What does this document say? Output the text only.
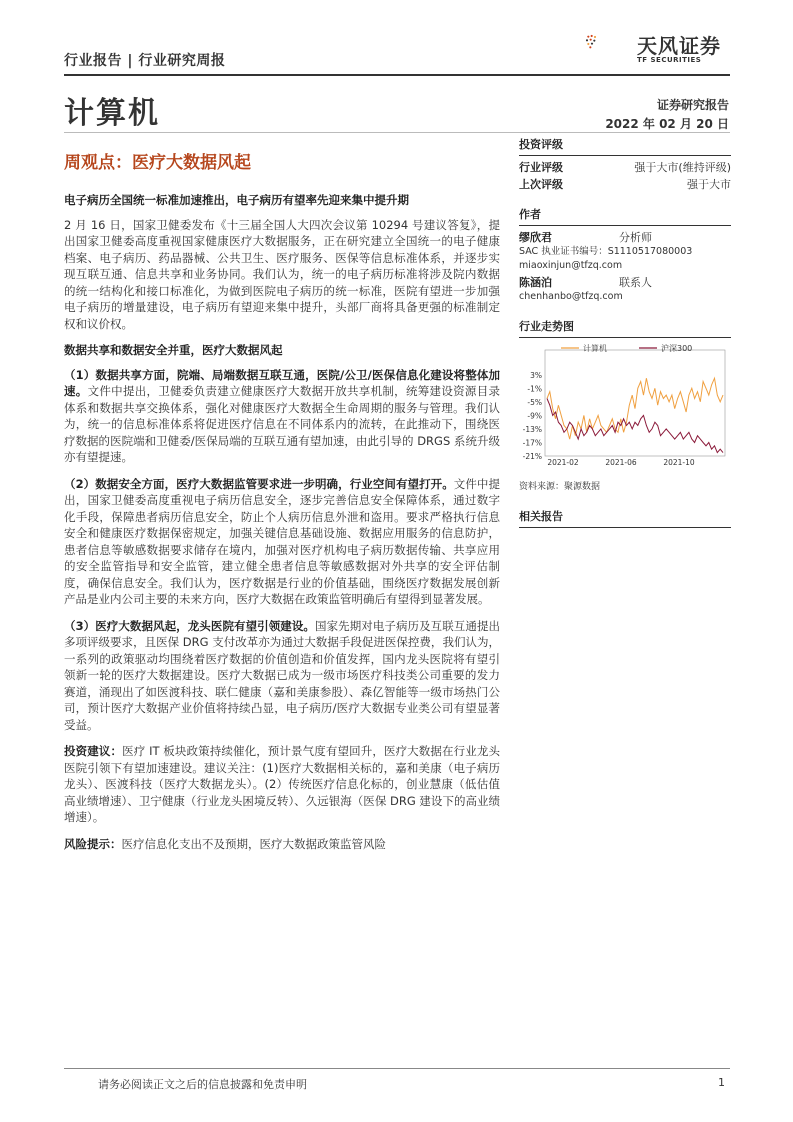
行业报告 | 行业研究周报
天风证券
TF SECURITIES
计算机	证券研究报告
2022 年 02 月 20 日
周观点：医疗大数据风起

电子病历全国统一标准加速推出，电子病历有望率先迎来集中提升期

2 月 16 日，国家卫健委发布《十三届全国人大四次会议第 10294 号建议答复》，提出国家卫健委高度重视国家健康医疗大数据服务，正在研究建立全国统一的电子健康档案、电子病历、药品器械、公共卫生、医疗服务、医保等信息标准体系，并逐步实现互联互通、信息共享和业务协同。我们认为，统一的电子病历标准将涉及院内数据的统一结构化和接口标准化，为做到医院电子病历的统一标准，医院有望进一步加强电子病历的增量建设，电子病历有望迎来集中提升，头部厂商将具备更强的标准制定权和议价权。

数据共享和数据安全并重，医疗大数据风起

（1）数据共享方面，院端、局端数据互联互通，医院/公卫/医保信息化建设将整体加速。文件中提出，卫健委负责建立健康医疗大数据开放共享机制，统筹建设资源目录体系和数据共享交换体系，强化对健康医疗大数据全生命周期的服务与管理。我们认为，统一的信息标准体系将促进医疗信息在不同体系内的流转，在此推动下，围绕医疗数据的医院端和卫健委/医保局端的互联互通有望加速，由此引导的 DRGS 系统升级亦有望提速。

（2）数据安全方面，医疗大数据监管要求进一步明确，行业空间有望打开。文件中提出，国家卫健委高度重视电子病历信息安全，逐步完善信息安全保障体系，通过数字化手段，保障患者病历信息安全，防止个人病历信息外泄和盗用。要求严格执行信息安全和健康医疗数据保密规定，加强关键信息基础设施、数据应用服务的信息防护，患者信息等敏感数据要求储存在境内，加强对医疗机构电子病历数据传输、共享应用的安全监管指导和安全监管，建立健全患者信息等敏感数据对外共享的安全评估制度，确保信息安全。我们认为，医疗数据是行业的价值基础，围绕医疗数据发展创新产品是业内公司主要的未来方向，医疗大数据在政策监管明确后有望得到显著发展。

（3）医疗大数据风起，龙头医院有望引领建设。国家先期对电子病历及互联互通提出多项评级要求，且医保 DRG 支付改革亦为通过大数据手段促进医保控费，我们认为，一系列的政策驱动均围绕着医疗数据的价值创造和价值发挥，国内龙头医院将有望引领新一轮的医疗大数据建设。医疗大数据已成为一级市场医疗科技类公司重要的发力赛道，涌现出了如医渡科技、联仁健康（嘉和美康参股）、森亿智能等一级市场热门公司，预计医疗大数据产业价值将持续凸显，电子病历/医疗大数据专业类公司有望显著受益。

投资建议：医疗 IT 板块政策持续催化，预计景气度有望回升，医疗大数据在行业龙头医院引领下有望加速建设。建议关注：(1)医疗大数据相关标的，嘉和美康（电子病历龙头）、医渡科技（医疗大数据龙头）。(2）传统医疗信息化标的，创业慧康（低估值高业绩增速）、卫宁健康（行业龙头困境反转）、久远银海（医保 DRG 建设下的高业绩增速）。

风险提示：医疗信息化支出不及预期，医疗大数据政策监管风险

投资评级
行业评级	强于大市(维持评级)
上次评级	强于大市
作者
缪欣君	分析师
SAC 执业证书编号：S1110517080003
miaoxinjun@tfzq.com
陈涵泊	联系人
chenhanbo@tfzq.com
行业走势图
3%
-1%
-5%
-9%
-13%
-17%
-21%
2021-02	2021-06	2021-10
计算机	沪深300
资料来源：聚源数据
相关报告
请务必阅读正文之后的信息披露和免责申明	1
